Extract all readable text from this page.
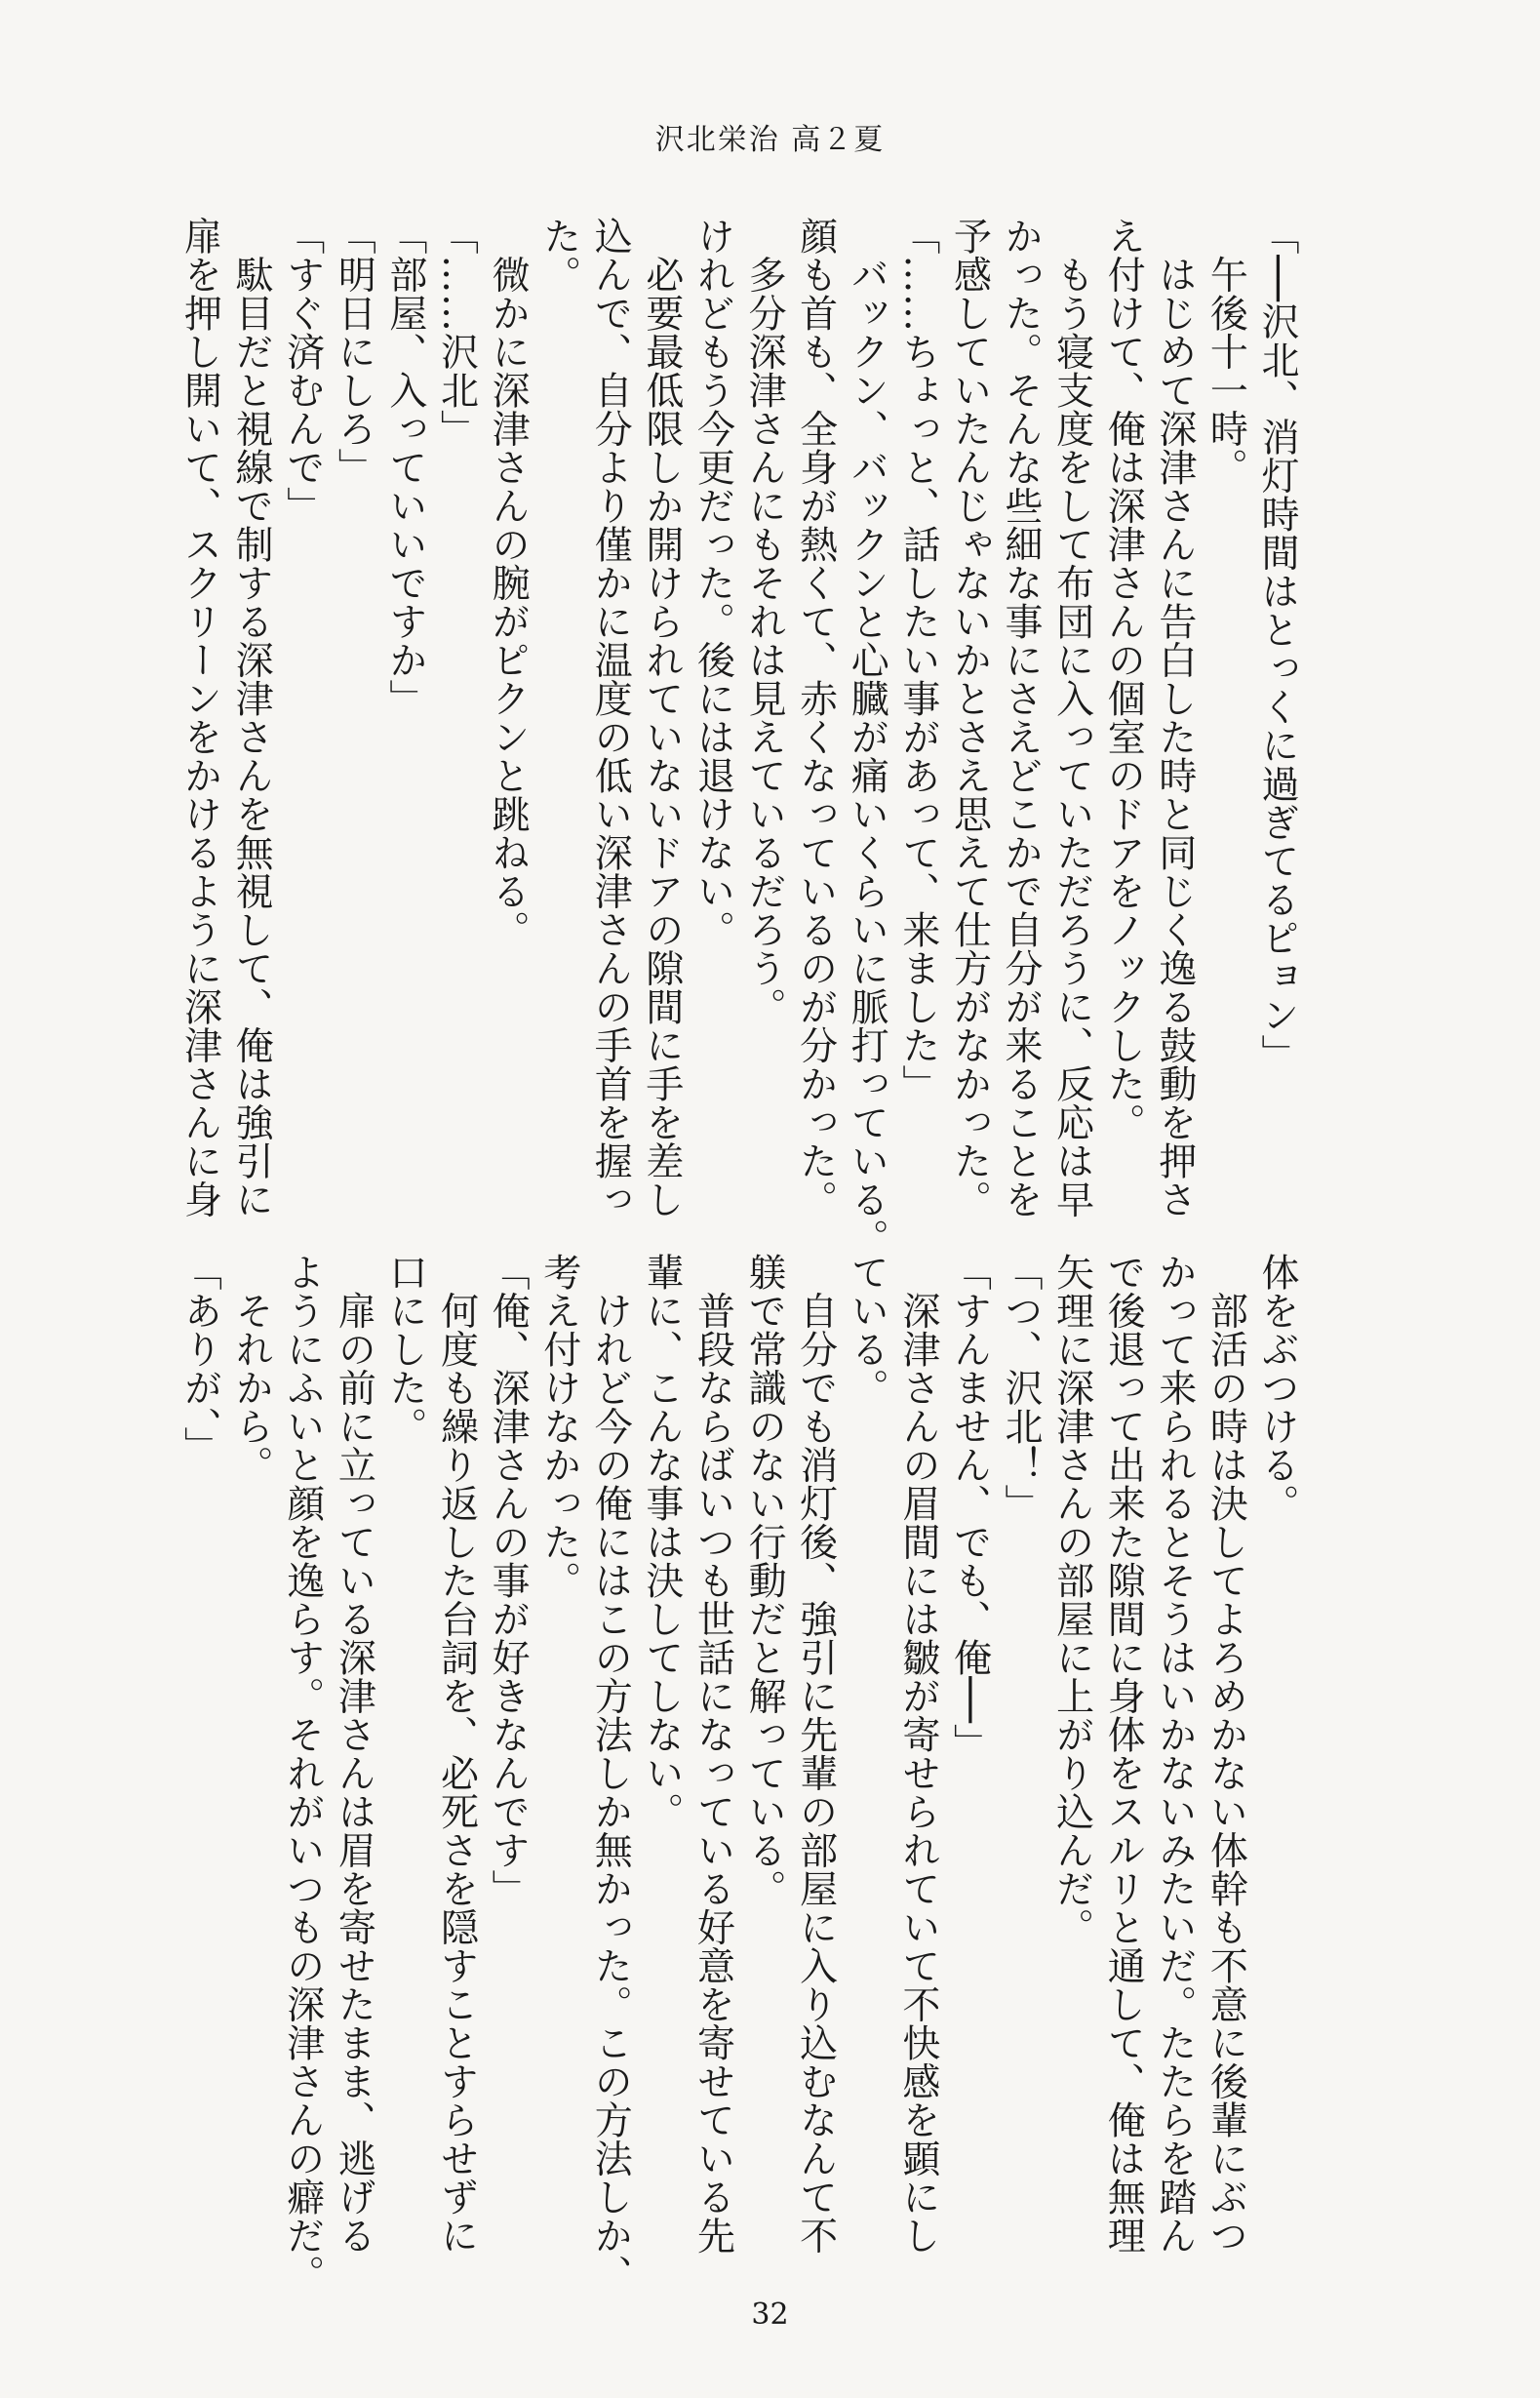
沢北栄治 高２夏
「──沢北、消灯時間はとっくに過ぎてるピョン」
　午後十一時。
　はじめて深津さんに告白した時と同じく逸る鼓動を押さ
え付けて、俺は深津さんの個室のドアをノックした。
　もう寝支度をして布団に入っていただろうに、反応は早
かった。そんな些細な事にさえどこかで自分が来ることを
予感していたんじゃないかとさえ思えて仕方がなかった。
「……ちょっと、話したい事があって、来ました」
　バックン、バックンと心臓が痛いくらいに脈打っている。
顔も首も、全身が熱くて、赤くなっているのが分かった。
　多分深津さんにもそれは見えているだろう。
けれどもう今更だった。後には退けない。
　必要最低限しか開けられていないドアの隙間に手を差し
込んで、自分より僅かに温度の低い深津さんの手首を握っ
た。
　微かに深津さんの腕がピクンと跳ねる。
「……沢北」
「部屋、入っていいですか」
「明日にしろ」
「すぐ済むんで」
　駄目だと視線で制する深津さんを無視して、俺は強引に
扉を押し開いて、スクリーンをかけるように深津さんに身
体をぶつける。
　部活の時は決してよろめかない体幹も不意に後輩にぶつ
かって来られるとそうはいかないみたいだ。たたらを踏ん
で後退って出来た隙間に身体をスルリと通して、俺は無理
矢理に深津さんの部屋に上がり込んだ。
「つ、沢北！」
「すんません、でも、俺──」
　深津さんの眉間には皺が寄せられていて不快感を顕にし
ている。
　自分でも消灯後、強引に先輩の部屋に入り込むなんて不
躾で常識のない行動だと解っている。
　普段ならばいつも世話になっている好意を寄せている先
輩に、こんな事は決してしない。
　けれど今の俺にはこの方法しか無かった。この方法しか、
考え付けなかった。
「俺、深津さんの事が好きなんです」
　何度も繰り返した台詞を、必死さを隠すことすらせずに
口にした。
　扉の前に立っている深津さんは眉を寄せたまま、逃げる
ようにふいと顔を逸らす。それがいつもの深津さんの癖だ。
　それから。
「ありが、」
32
